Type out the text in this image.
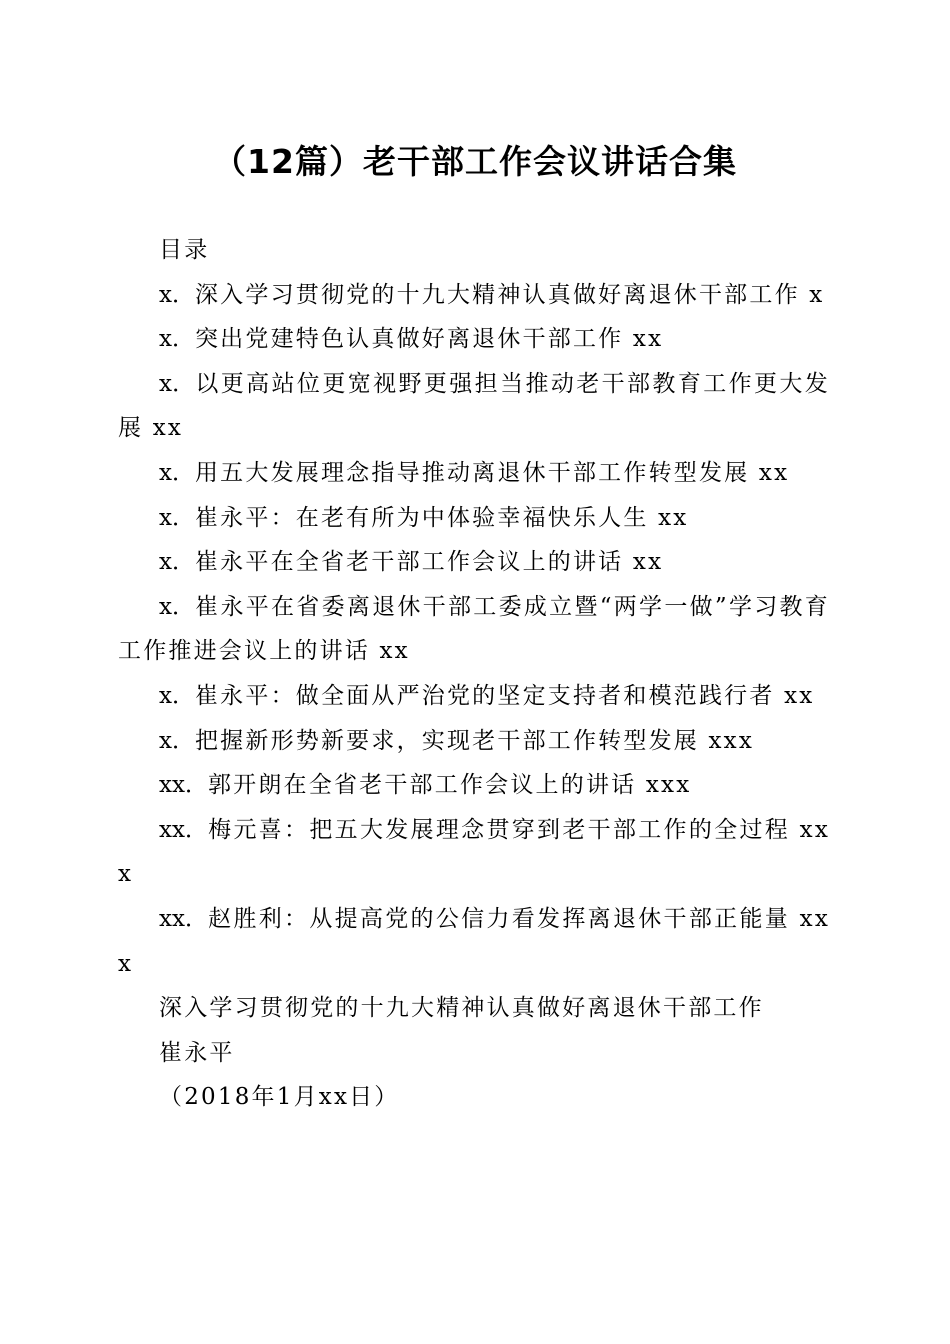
（12篇）老干部工作会议讲话合集

目录

x．深入学习贯彻党的十九大精神认真做好离退休干部工作 x

x．突出党建特色认真做好离退休干部工作 xx

x．以更高站位更宽视野更强担当推动老干部教育工作更大发展 xx

x．用五大发展理念指导推动离退休干部工作转型发展 xx

x．崔永平：在老有所为中体验幸福快乐人生 xx

x．崔永平在全省老干部工作会议上的讲话 xx

x．崔永平在省委离退休干部工委成立暨“两学一做”学习教育工作推进会议上的讲话 xx

x．崔永平：做全面从严治党的坚定支持者和模范践行者 xx

x．把握新形势新要求，实现老干部工作转型发展 xxx

xx．郭开朗在全省老干部工作会议上的讲话 xxx

xx．梅元喜：把五大发展理念贯穿到老干部工作的全过程 xxx

xx．赵胜利：从提高党的公信力看发挥离退休干部正能量 xxx

深入学习贯彻党的十九大精神认真做好离退休干部工作

崔永平

（2018年1月xx日）
